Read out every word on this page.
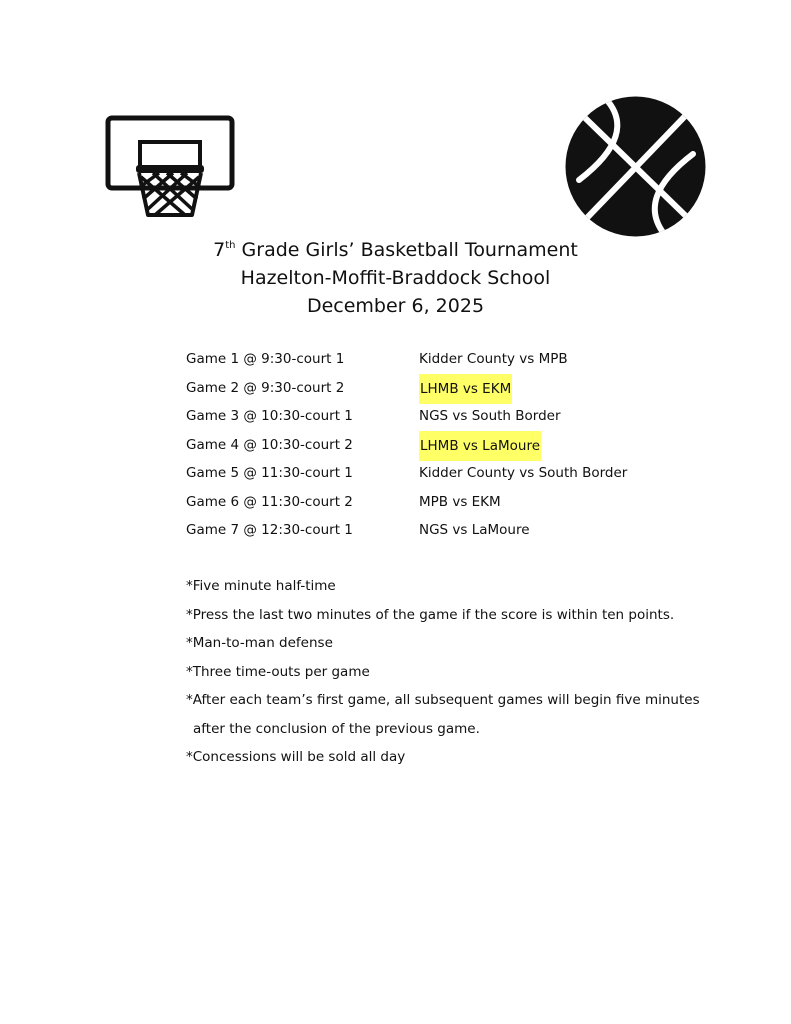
7th Grade Girls’ Basketball Tournament
Hazelton-Moffit-Braddock School
December 6, 2025
Game 1 @ 9:30-court 1	Kidder County vs MPB
Game 2 @ 9:30-court 2	LHMB vs EKM
Game 3 @ 10:30-court 1	NGS vs South Border
Game 4 @ 10:30-court 2	LHMB vs LaMoure
Game 5 @ 11:30-court 1	Kidder County vs South Border
Game 6 @ 11:30-court 2	MPB vs EKM
Game 7 @ 12:30-court 1	NGS vs LaMoure
*Five minute half-time
*Press the last two minutes of the game if the score is within ten points.
*Man-to-man defense
*Three time-outs per game
*After each team’s first game, all subsequent games will begin five minutes
after the conclusion of the previous game.
*Concessions will be sold all day
